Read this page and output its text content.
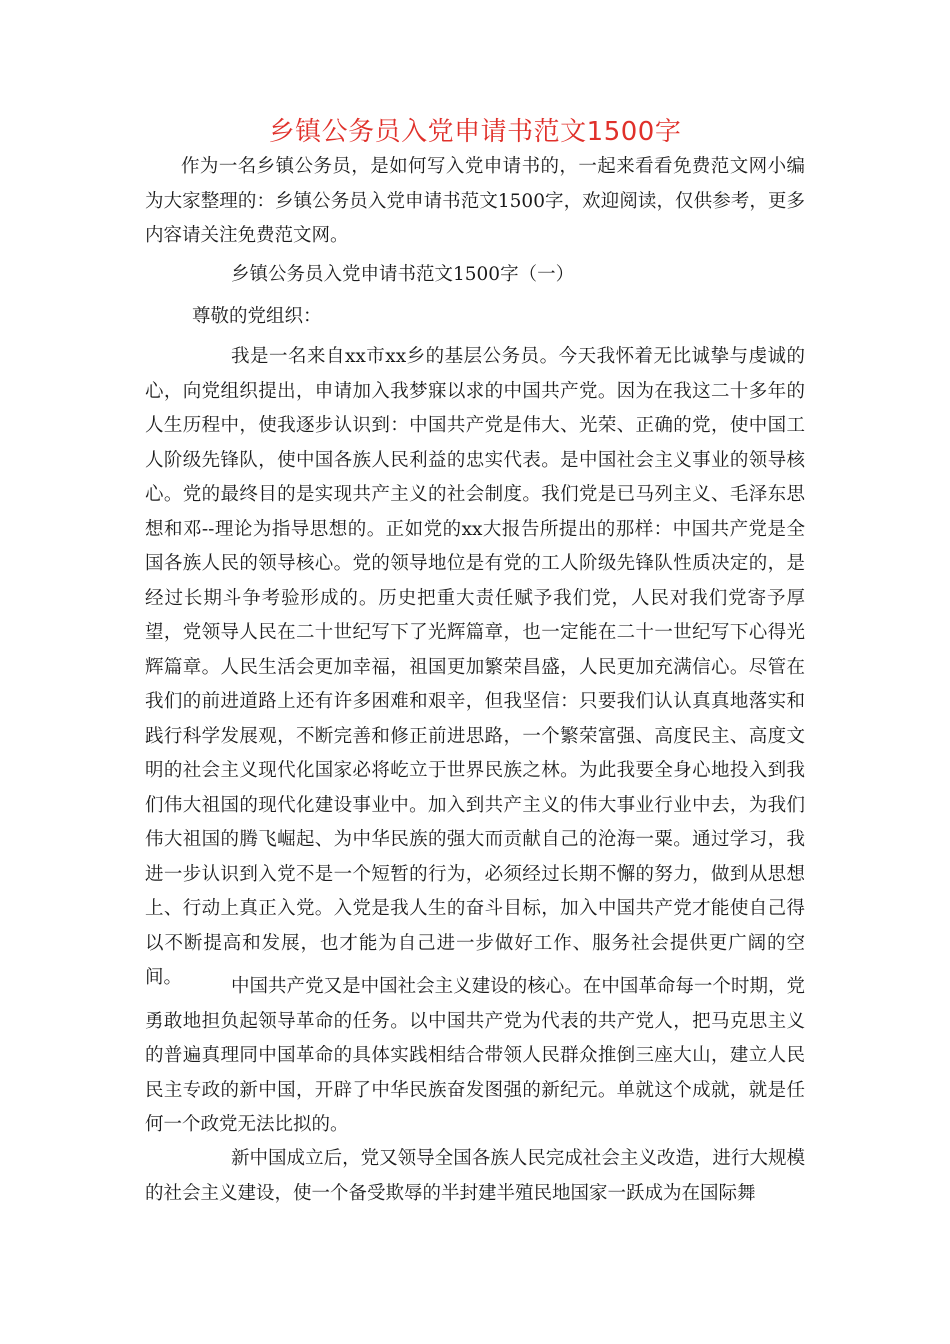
乡镇公务员入党申请书范文1500字
作为一名乡镇公务员，是如何写入党申请书的，一起来看看免费范文网小编为大家整理的：乡镇公务员入党申请书范文1500字，欢迎阅读，仅供参考，更多内容请关注免费范文网。
乡镇公务员入党申请书范文1500字（一）
尊敬的党组织：
我是一名来自xx市xx乡的基层公务员。今天我怀着无比诚挚与虔诚的心，向党组织提出，申请加入我梦寐以求的中国共产党。因为在我这二十多年的人生历程中，使我逐步认识到：中国共产党是伟大、光荣、正确的党，使中国工人阶级先锋队，使中国各族人民利益的忠实代表。是中国社会主义事业的领导核心。党的最终目的是实现共产主义的社会制度。我们党是已马列主义、毛泽东思想和邓--理论为指导思想的。正如党的xx大报告所提出的那样：中国共产党是全国各族人民的领导核心。党的领导地位是有党的工人阶级先锋队性质决定的，是经过长期斗争考验形成的。历史把重大责任赋予我们党，人民对我们党寄予厚望，党领导人民在二十世纪写下了光辉篇章，也一定能在二十一世纪写下心得光辉篇章。人民生活会更加幸福，祖国更加繁荣昌盛，人民更加充满信心。尽管在我们的前进道路上还有许多困难和艰辛，但我坚信：只要我们认认真真地落实和践行科学发展观，不断完善和修正前进思路，一个繁荣富强、高度民主、高度文明的社会主义现代化国家必将屹立于世界民族之林。为此我要全身心地投入到我们伟大祖国的现代化建设事业中。加入到共产主义的伟大事业行业中去，为我们伟大祖国的腾飞崛起、为中华民族的强大而贡献自己的沧海一粟。通过学习，我进一步认识到入党不是一个短暂的行为，必须经过长期不懈的努力，做到从思想上、行动上真正入党。入党是我人生的奋斗目标，加入中国共产党才能使自己得以不断提高和发展，也才能为自己进一步做好工作、服务社会提供更广阔的空间。	中国共产党又是中国社会主义建设的核心。在中国革命每一个时期，党勇敢地担负起领导革命的任务。以中国共产党为代表的共产党人，把马克思主义的普遍真理同中国革命的具体实践相结合带领人民群众推倒三座大山，建立人民民主专政的新中国，开辟了中华民族奋发图强的新纪元。单就这个成就，就是任何一个政党无法比拟的。
新中国成立后，党又领导全国各族人民完成社会主义改造，进行大规模的社会主义建设，使一个备受欺辱的半封建半殖民地国家一跃成为在国际舞
